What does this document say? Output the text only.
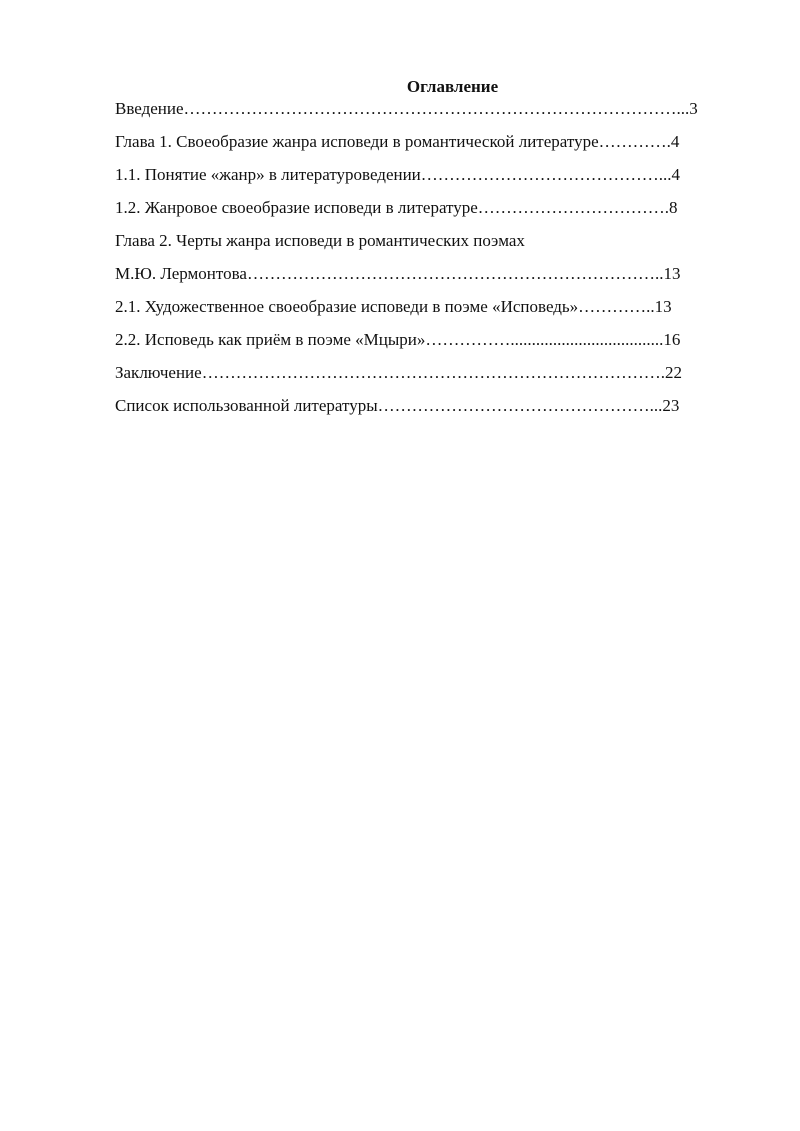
Оглавление
Введение……………………………………………………………………………...3
Глава 1. Своеобразие жанра исповеди в романтической литературе………….4
1.1. Понятие «жанр» в литературоведении……………………………………...4
1.2. Жанровое своеобразие исповеди в литературе…………………………….8
Глава 2. Черты жанра исповеди в романтических поэмах
М.Ю. Лермонтова………………………………………………………………..13
2.1. Художественное своеобразие исповеди в поэме «Исповедь»…………..13
2.2. Исповедь как приём в поэме «Мцыри»……………....................................16
Заключение……………………………………………………………………….22
Список использованной литературы…………………………………………...23
